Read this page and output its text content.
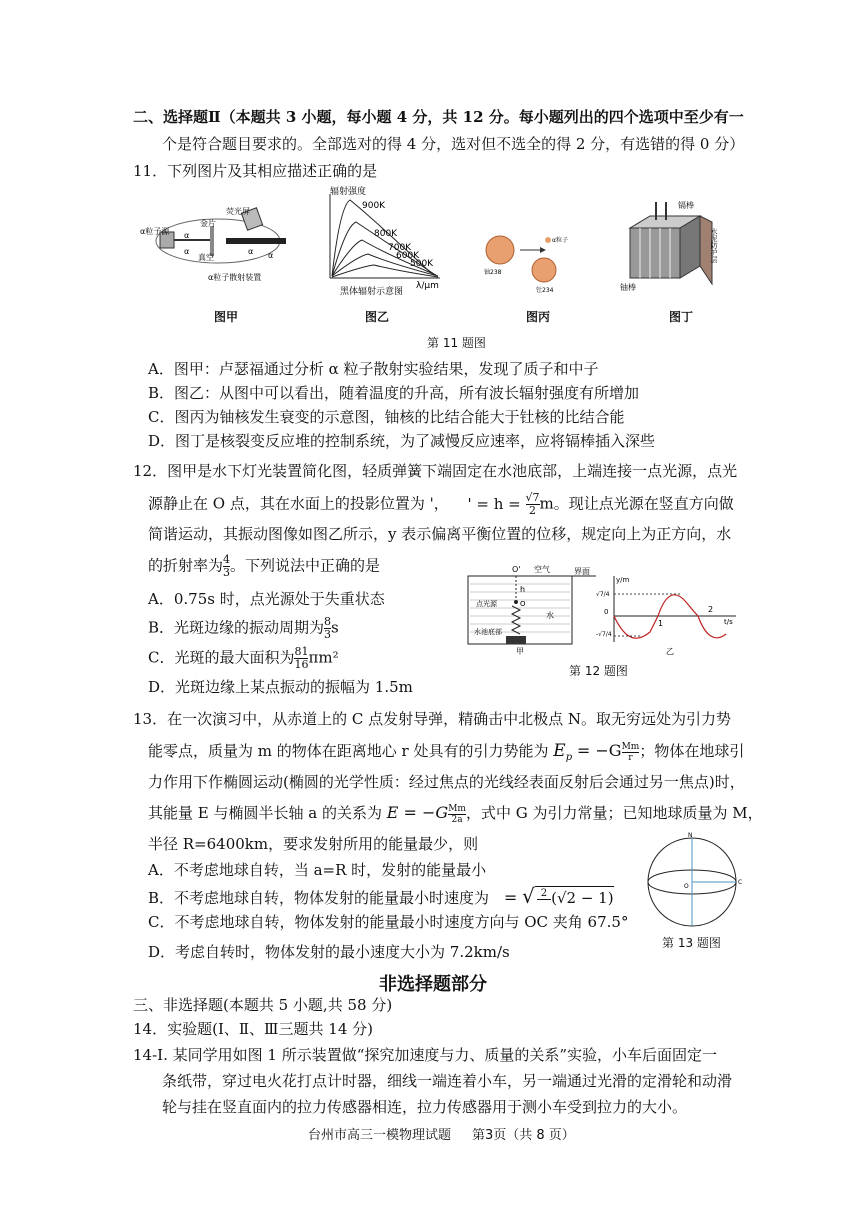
二、选择题Ⅱ（本题共 3 小题，每小题 4 分，共 12 分。每小题列出的四个选项中至少有一
个是符合题目要求的。全部选对的得 4 分，选对但不选全的得 2 分，有选错的得 0 分）
11．下列图片及其相应描述正确的是
荧光屏
α粒子源
金片
真空
α
α	α α
α粒子散射装置
图甲
辐射强度
900K
800K
700K
600K
500K
λ/μm
黑体辐射示意图
图乙
铀238
α粒子
钍234
图丙
镉棒
水泥防护层
铀棒
图丁
第 11 题图
A．图甲：卢瑟福通过分析 α 粒子散射实验结果，发现了质子和中子
B．图乙：从图中可以看出，随着温度的升高，所有波长辐射强度有所增加
C．图丙为铀核发生衰变的示意图，铀核的比结合能大于钍核的比结合能
D．图丁是核裂变反应堆的控制系统，为了减慢反应速率，应将镉棒插入深些
12．图甲是水下灯光装置简化图，轻质弹簧下端固定在水池底部，上端连接一点光源，点光
源静止在 O 点，其在水面上的投影位置为 '， ' = $h = \frac{√7}{2}$ m。现让点光源在竖直方向做
简谐运动，其振动图像如图乙所示，y 表示偏离平衡位置的位移，规定向上为正方向，水
的折射率为 $\frac{4}{3}$ 。下列说法中正确的是
A．0.75s 时，点光源处于失重状态
B．光斑边缘的振动周期为 $\frac{8}{3}$ s
C．光斑的最大面积为 $\frac{81}{16} \pi m^2$
D．光斑边缘上某点振动的振幅为 1.5m
O' 空气	界面
h
点光源	O
水
水池底部
甲
y/m
√7/4
0
-√7/4
1
2
t/s
乙
第 12 题图
13．在一次演习中，从赤道上的 C 点发射导弹，精确击中北极点 N。取无穷远处为引力势
能零点，质量为 m 的物体在距离地心 r 处具有的引力势能为 $E_p = -G \frac{Mm}{r}$ ；物体在地球引
力作用下作椭圆运动(椭圆的光学性质：经过焦点的光线经表面反射后会通过另一焦点)时，
其能量 E 与椭圆半长轴 a 的关系为 $E = -G \frac{Mm}{2a}$ ，式中 G 为引力常量；已知地球质量为 M，
半径 R=6400km，要求发射所用的能量最少，则
A．不考虑地球自转，当 a=R 时，发射的能量最小
B．不考虑地球自转，物体发射的能量最小时速度为 = √ 2
(√2 − 1)
C．不考虑地球自转，物体发射的能量最小时速度方向与 OC 夹角 67.5°
D．考虑自转时，物体发射的最小速度大小为 7.2km/s
N
O
C
第 13 题图
非选择题部分
三、非选择题(本题共 5 小题,共 58 分)
14．实验题(Ⅰ、Ⅱ、Ⅲ三题共 14 分)
14-Ⅰ. 某同学用如图 1 所示装置做“探究加速度与力、质量的关系”实验，小车后面固定一
条纸带，穿过电火花打点计时器，细线一端连着小车，另一端通过光滑的定滑轮和动滑
轮与挂在竖直面内的拉力传感器相连，拉力传感器用于测小车受到拉力的大小。
台州市高三一模物理试题 第3页（共 8 页）
